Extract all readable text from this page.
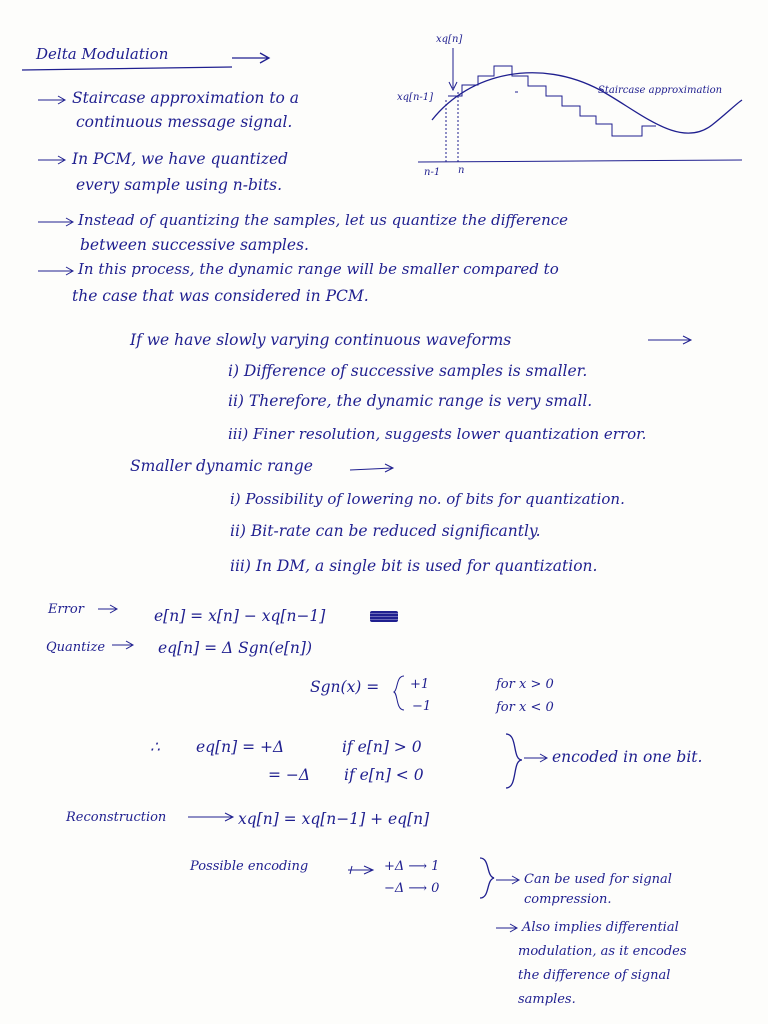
Delta Modulation
xq[n]
xq[n-1]
Staircase approximation
n-1 n
Staircase approximation to a
continuous message signal.
In PCM, we have quantized
every sample using n-bits.
Instead of quantizing the samples, let us quantize the difference
between successive samples.
In this process, the dynamic range will be smaller compared to
the case that was considered in PCM.
If we have slowly varying continuous waveforms
i) Difference of successive samples is smaller.
ii) Therefore, the dynamic range is very small.
iii) Finer resolution, suggests lower quantization error.
Smaller dynamic range
i) Possibility of lowering no. of bits for quantization.
ii) Bit-rate can be reduced significantly.
iii) In DM, a single bit is used for quantization.
Error	e[n] = x[n] − xq[n−1]
Quantize	eq[n] = Δ Sgn(e[n])
Sgn(x) = +1	for x > 0
−1	for x < 0
∴ eq[n] = +Δ	if e[n] > 0
= −Δ if e[n] < 0
encoded in one bit.
Reconstruction	xq[n] = xq[n−1] + eq[n]
Possible encoding	+Δ ⟶ 1
−Δ ⟶ 0
Can be used for signal
compression.
Also implies differential
modulation, as it encodes
the difference of signal
samples.
